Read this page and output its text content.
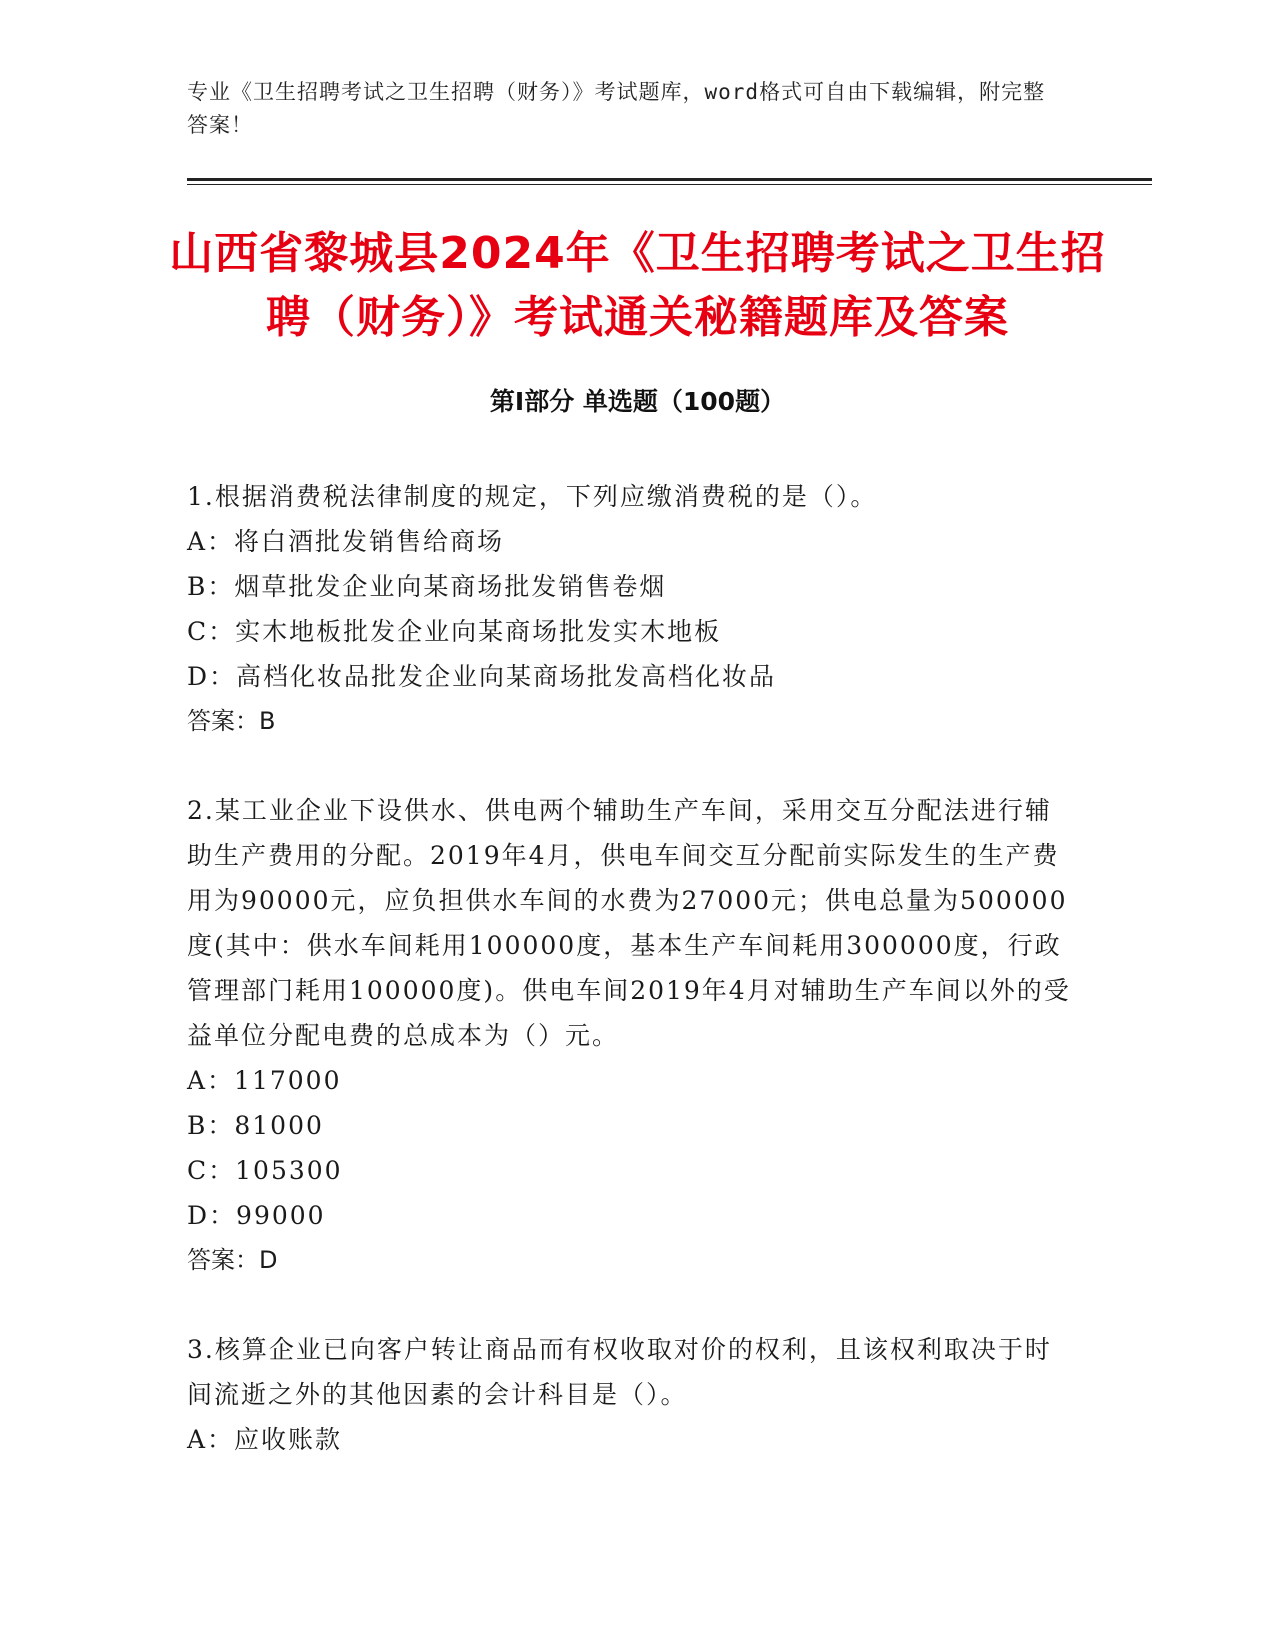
专业《卫生招聘考试之卫生招聘（财务）》考试题库，word格式可自由下载编辑，附完整答案！
山西省黎城县2024年《卫生招聘考试之卫生招聘（财务）》考试通关秘籍题库及答案
第I部分 单选题（100题）
1.根据消费税法律制度的规定，下列应缴消费税的是（）。
A：将白酒批发销售给商场
B：烟草批发企业向某商场批发销售卷烟
C：实木地板批发企业向某商场批发实木地板
D：高档化妆品批发企业向某商场批发高档化妆品
答案：B
2.某工业企业下设供水、供电两个辅助生产车间，采用交互分配法进行辅助生产费用的分配。2019年4月，供电车间交互分配前实际发生的生产费用为90000元，应负担供水车间的水费为27000元；供电总量为500000度(其中：供水车间耗用100000度，基本生产车间耗用300000度，行政管理部门耗用100000度)。供电车间2019年4月对辅助生产车间以外的受益单位分配电费的总成本为（）元。
A：117000
B：81000
C：105300
D：99000
答案：D
3.核算企业已向客户转让商品而有权收取对价的权利，且该权利取决于时间流逝之外的其他因素的会计科目是（）。
A：应收账款
